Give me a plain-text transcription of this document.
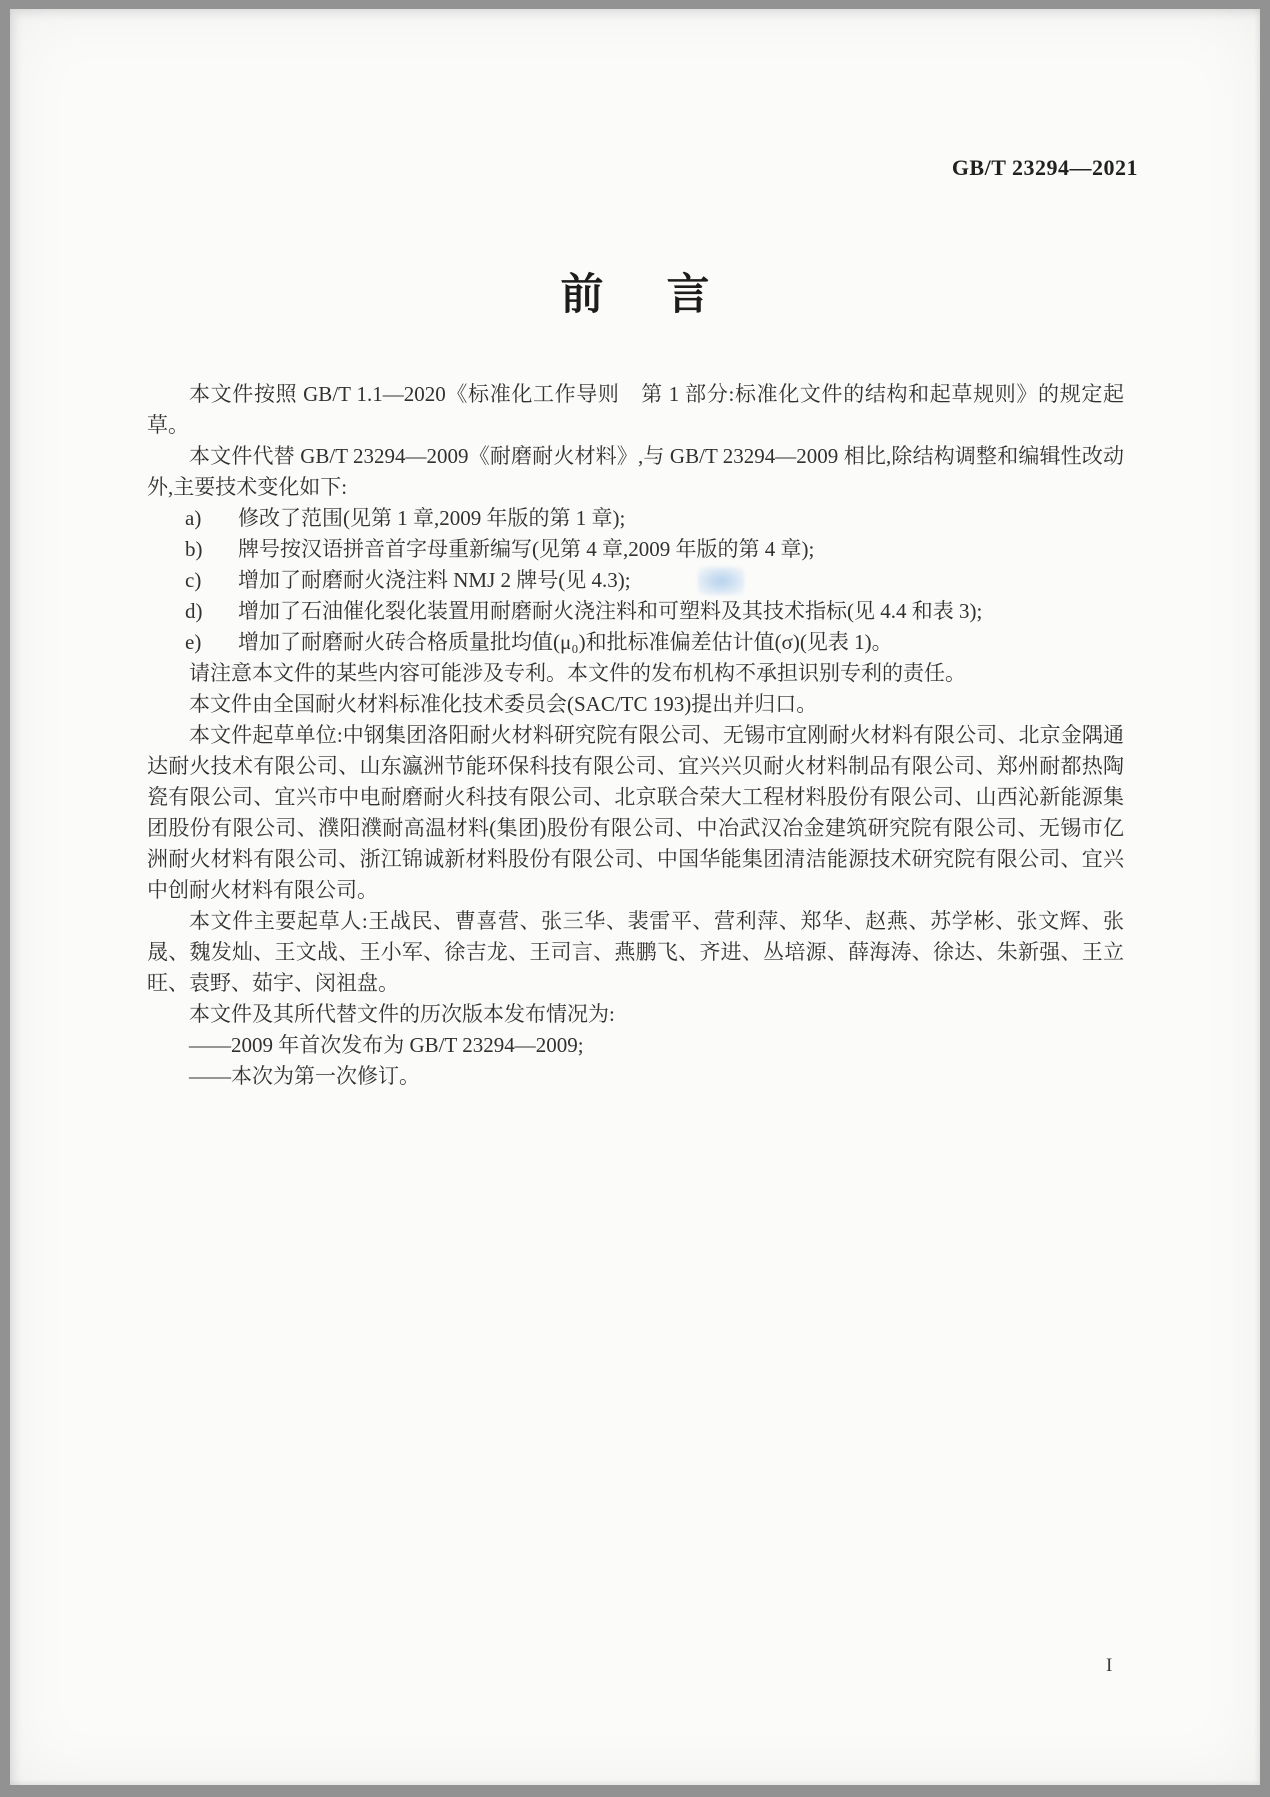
GB/T 23294—2021
前　言

本文件按照 GB/T 1.1—2020《标准化工作导则　第 1 部分:标准化文件的结构和起草规则》的规定起草。

本文件代替 GB/T 23294—2009《耐磨耐火材料》,与 GB/T 23294—2009 相比,除结构调整和编辑性改动外,主要技术变化如下:

a) 修改了范围(见第 1 章,2009 年版的第 1 章);
b) 牌号按汉语拼音首字母重新编写(见第 4 章,2009 年版的第 4 章);
c) 增加了耐磨耐火浇注料 NMJ 2 牌号(见 4.3);
d) 增加了石油催化裂化装置用耐磨耐火浇注料和可塑料及其技术指标(见 4.4 和表 3);
e) 增加了耐磨耐火砖合格质量批均值(μ₀)和批标准偏差估计值(σ)(见表 1)。

请注意本文件的某些内容可能涉及专利。本文件的发布机构不承担识别专利的责任。

本文件由全国耐火材料标准化技术委员会(SAC/TC 193)提出并归口。

本文件起草单位:中钢集团洛阳耐火材料研究院有限公司、无锡市宜刚耐火材料有限公司、北京金隅通达耐火技术有限公司、山东瀛洲节能环保科技有限公司、宜兴兴贝耐火材料制品有限公司、郑州耐都热陶瓷有限公司、宜兴市中电耐磨耐火科技有限公司、北京联合荣大工程材料股份有限公司、山西沁新能源集团股份有限公司、濮阳濮耐高温材料(集团)股份有限公司、中冶武汉冶金建筑研究院有限公司、无锡市亿洲耐火材料有限公司、浙江锦诚新材料股份有限公司、中国华能集团清洁能源技术研究院有限公司、宜兴中创耐火材料有限公司。

本文件主要起草人:王战民、曹喜营、张三华、裴雷平、营利萍、郑华、赵燕、苏学彬、张文辉、张晟、魏发灿、王文战、王小军、徐吉龙、王司言、燕鹏飞、齐进、丛培源、薛海涛、徐达、朱新强、王立旺、袁野、茹宇、闵祖盘。

本文件及其所代替文件的历次版本发布情况为:

——2009 年首次发布为 GB/T 23294—2009;

——本次为第一次修订。

I
